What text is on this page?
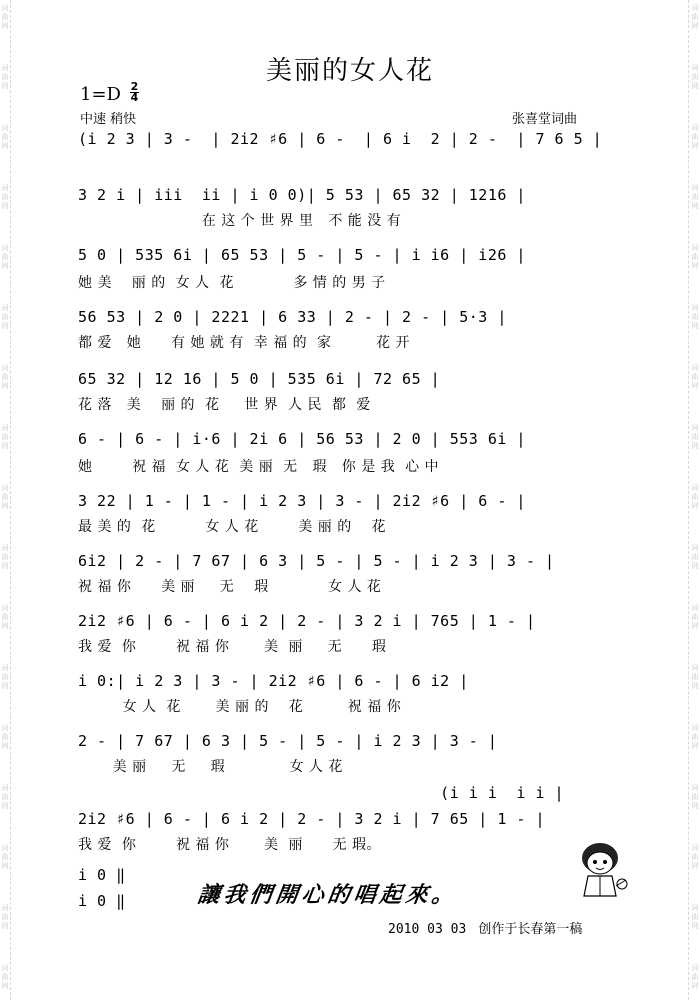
词
曲
网
词
曲
网
词
曲
网
词
曲
网
词
曲
网
词
曲
网
词
曲
网
词
曲
网
词
曲
网
词
曲
网
词
曲
网
词
曲
网
词
曲
网
词
曲
网
词
曲
网
词
曲
网
词
曲
网
词
曲
网
词
曲
网
词
曲
网
词
曲
网
词
曲
网
词
曲
网
词
曲
网
词
曲
网
词
曲
网
词
曲
网
词
曲
网
词
曲
网
词
曲
网
词
曲
网
词
曲
网
词
曲
网
词
曲
网
美丽的女人花
1=D 2
4
中速 稍快	张喜堂词曲
(i 2 3 | 3 -  | 2i2 ♯6 | 6 -  | 6 i  2 | 2 -  | 7 6 5 |
3 2 i | iii  ii | i 0 0)| 5 53 | 65 32 | 1216 |
在 这 个 世 界 里   不 能 没 有
5 0 | 535 6i | 65 53 | 5 - | 5 - | i i6 | i26 |
她 美    丽 的  女 人  花            多 情 的 男 子
56 53 | 2 0 | 2221 | 6 33 | 2 - | 2 - | 5·3 |
都 爱   她      有 她 就 有  幸 福 的  家         花 开
65 32 | 12 16 | 5 0 | 535 6i | 72 65 |
花 落   美    丽 的  花     世 界  人 民  都  爱
6 - | 6 - | i·6 | 2i 6 | 56 53 | 2 0 | 553 6i |
她        祝 福  女 人 花  美 丽  无   瑕   你 是 我  心 中
3 22 | 1 - | 1 - | i 2 3 | 3 - | 2i2 ♯6 | 6 - |
最 美 的  花          女 人 花        美 丽 的    花
6i2 | 2 - | 7 67 | 6 3 | 5 - | 5 - | i 2 3 | 3 - |
祝 福 你      美 丽     无    瑕            女 人 花
2i2 ♯6 | 6 - | 6 i 2 | 2 - | 3 2 i | 765 | 1 - |
我 爱  你        祝 福 你       美  丽     无      瑕
i 0:| i 2 3 | 3 - | 2i2 ♯6 | 6 - | 6 i2 |
女 人  花       美 丽 的    花         祝 福 你
2 - | 7 67 | 6 3 | 5 - | 5 - | i 2 3 | 3 - |
美 丽     无     瑕             女 人 花
(i i i  i i |
2i2 ♯6 | 6 - | 6 i 2 | 2 - | 3 2 i | 7 65 | 1 - |
我 爱  你        祝 福 你       美  丽      无 瑕。
i 0 ‖
i 0 ‖	讓我們開心的唱起來。
2010 03 03 创作于长春第一稿
